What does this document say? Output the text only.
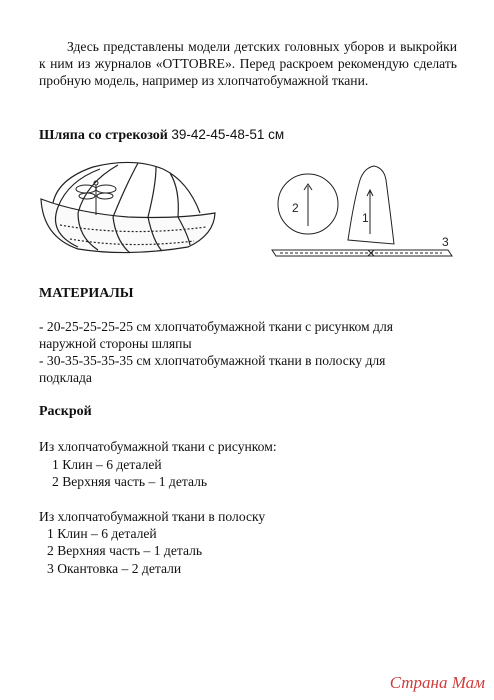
Здесь представлены модели детских головных уборов и выкройки к ним из журналов «OTTOBRE». Перед раскроем рекомендую сделать пробную модель, например из хлопчатобумажной ткани.
Шляпа со стрекозой 39-42-45-48-51 см
2
1
3
МАТЕРИАЛЫ
- 20-25-25-25-25 см хлопчатобумажной ткани с рисунком для
наружной стороны шляпы
- 30-35-35-35-35 см хлопчатобумажной ткани в полоску для
подклада
Раскрой
Из хлопчатобумажной ткани с рисунком:
1 Клин – 6 деталей
2 Верхняя часть – 1 деталь
Из хлопчатобумажной ткани в полоску
1 Клин – 6 деталей
2 Верхняя часть – 1 деталь
3 Окантовка – 2 детали
Страна Мам
